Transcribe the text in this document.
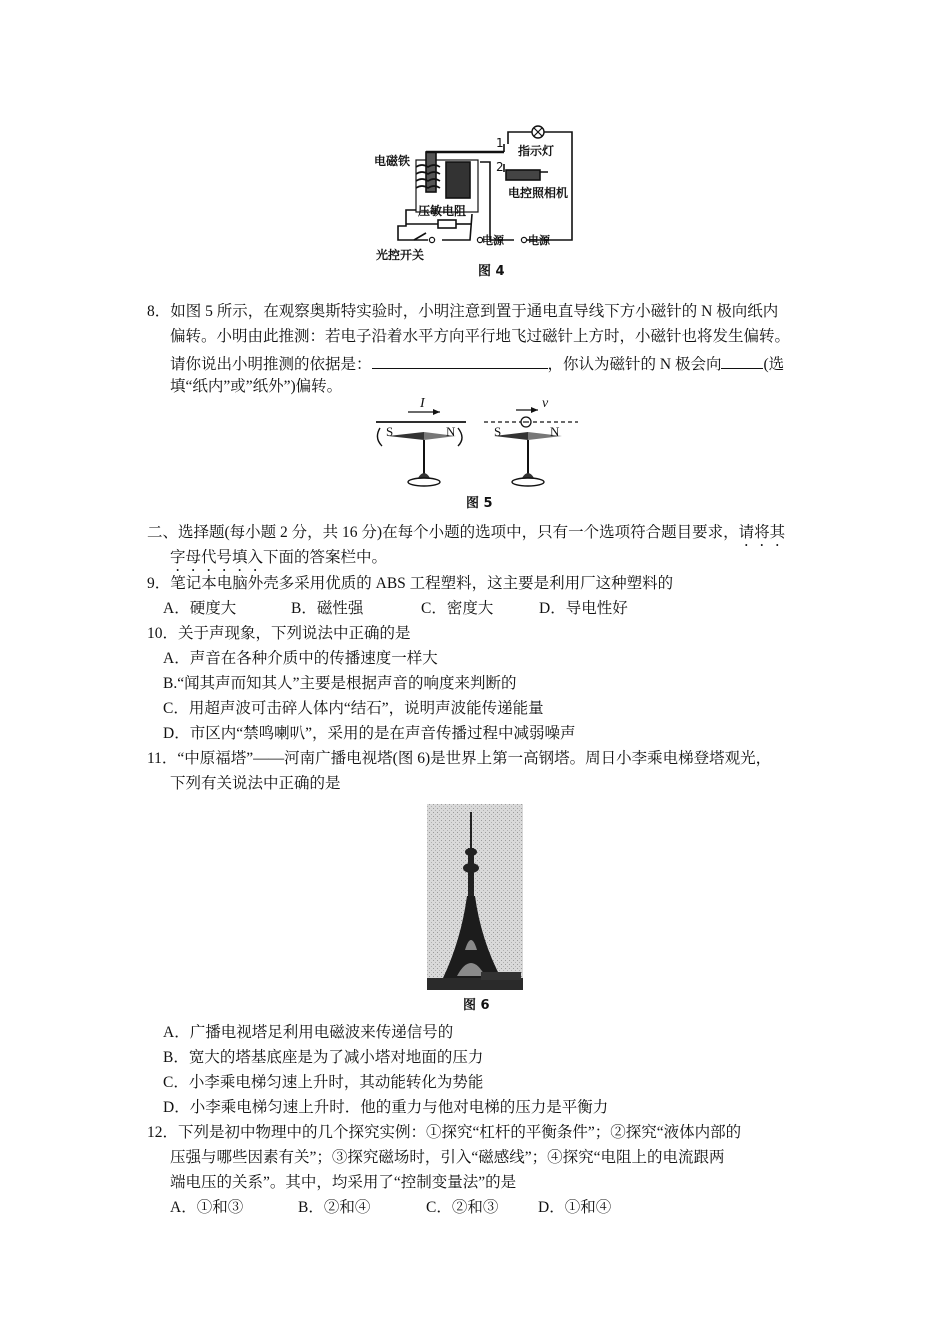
电磁铁
1
2
指示灯
电控照相机
压敏电阻
电源 电源
光控开关
图 4
8．如图 5 所示，在观察奥斯特实验时，小明注意到置于通电直导线下方小磁针的 N 极向纸内
偏转。小明由此推测：若电子沿着水平方向平行地飞过磁针上方时，小磁针也将发生偏转。
请你说出小明推测的依据是：	，你认为磁针的 N 极会向	(选
填“纸内”或”纸外”)偏转。
I
S	N
v
S	N
图 5
二、选择题(每小题 2 分，共 16 分)在每个小题的选项中，只有一个选项符合题目要求，请将其
字母代号填入下面的答案栏中。
9．笔记本电脑外壳多采用优质的 ABS 工程塑料，这主要是利用厂这种塑料的
A．硬度大	B．磁性强	C．密度大	D．导电性好
10．关于声现象，下列说法中正确的是
A．声音在各种介质中的传播速度一样大
B.“闻其声而知其人”主要是根据声音的响度来判断的
C．用超声波可击碎人体内“结石”，说明声波能传递能量
D．市区内“禁鸣喇叭”，采用的是在声音传播过程中减弱噪声
11．“中原福塔”——河南广播电视塔(图 6)是世界上第一高钢塔。周日小李乘电梯登塔观光，
下列有关说法中正确的是
图 6
A．广播电视塔足利用电磁波来传递信号的
B．宽大的塔基底座是为了减小塔对地面的压力
C．小李乘电梯匀速上升时，其动能转化为势能
D．小李乘电梯匀速上升时．他的重力与他对电梯的压力是平衡力
12．下列是初中物理中的几个探究实例：①探究“杠杆的平衡条件”；②探究“液体内部的
压强与哪些因素有关”；③探究磁场时，引入“磁感线”；④探究“电阻上的电流跟两
端电压的关系”。其中，均采用了“控制变量法”的是
A．①和③	B．②和④	C．②和③	D．①和④
